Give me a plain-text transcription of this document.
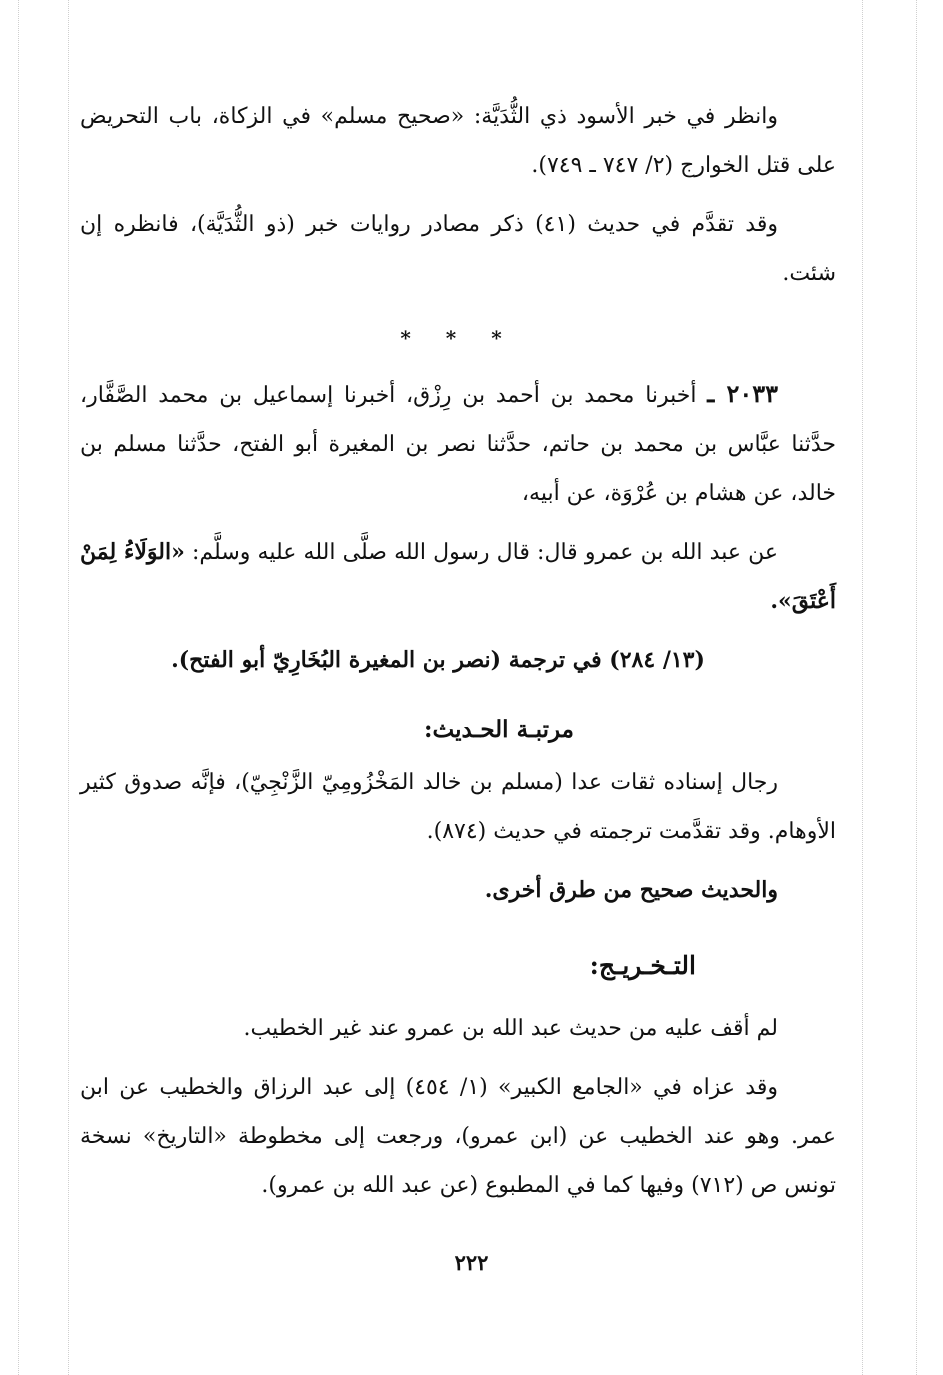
وانظر في خبر الأسود ذي الثُّدَيَّة: «صحيح مسلم» في الزكاة، باب التحريض على قتل الخوارج (٢/ ٧٤٧ ـ ٧٤٩).

وقد تقدَّم في حديث (٤١) ذكر مصادر روايات خبر (ذو الثُّدَيَّة)، فانظره إن شئت.

* * *

٢٠٣٣ ـ أخبرنا محمد بن أحمد بن رِزْق، أخبرنا إسماعيل بن محمد الصَّفَّار، حدَّثنا عبَّاس بن محمد بن حاتم، حدَّثنا نصر بن المغيرة أبو الفتح، حدَّثنا مسلم بن خالد، عن هشام بن عُرْوَة، عن أبيه،

عن عبد الله بن عمرو قال: قال رسول الله صلَّى الله عليه وسلَّم: «الوَلَاءُ لِمَنْ أَعْتَقَ».

(١٣/ ٢٨٤) في ترجمة (نصر بن المغيرة البُخَارِيّ أبو الفتح).

مرتبـة الحـديث:

رجال إسناده ثقات عدا (مسلم بن خالد المَخْزُومِيّ الزَّنْجِيّ)، فإنَّه صدوق كثير الأوهام. وقد تقدَّمت ترجمته في حديث (٨٧٤).

والحديث صحيح من طرق أخرى.

التـخـريـج:

لم أقف عليه من حديث عبد الله بن عمرو عند غير الخطيب.

وقد عزاه في «الجامع الكبير» (١/ ٤٥٤) إلى عبد الرزاق والخطيب عن ابن عمر. وهو عند الخطيب عن (ابن عمرو)، ورجعت إلى مخطوطة «التاريخ» نسخة تونس ص (٧١٢) وفيها كما في المطبوع (عن عبد الله بن عمرو).

٢٢٢
